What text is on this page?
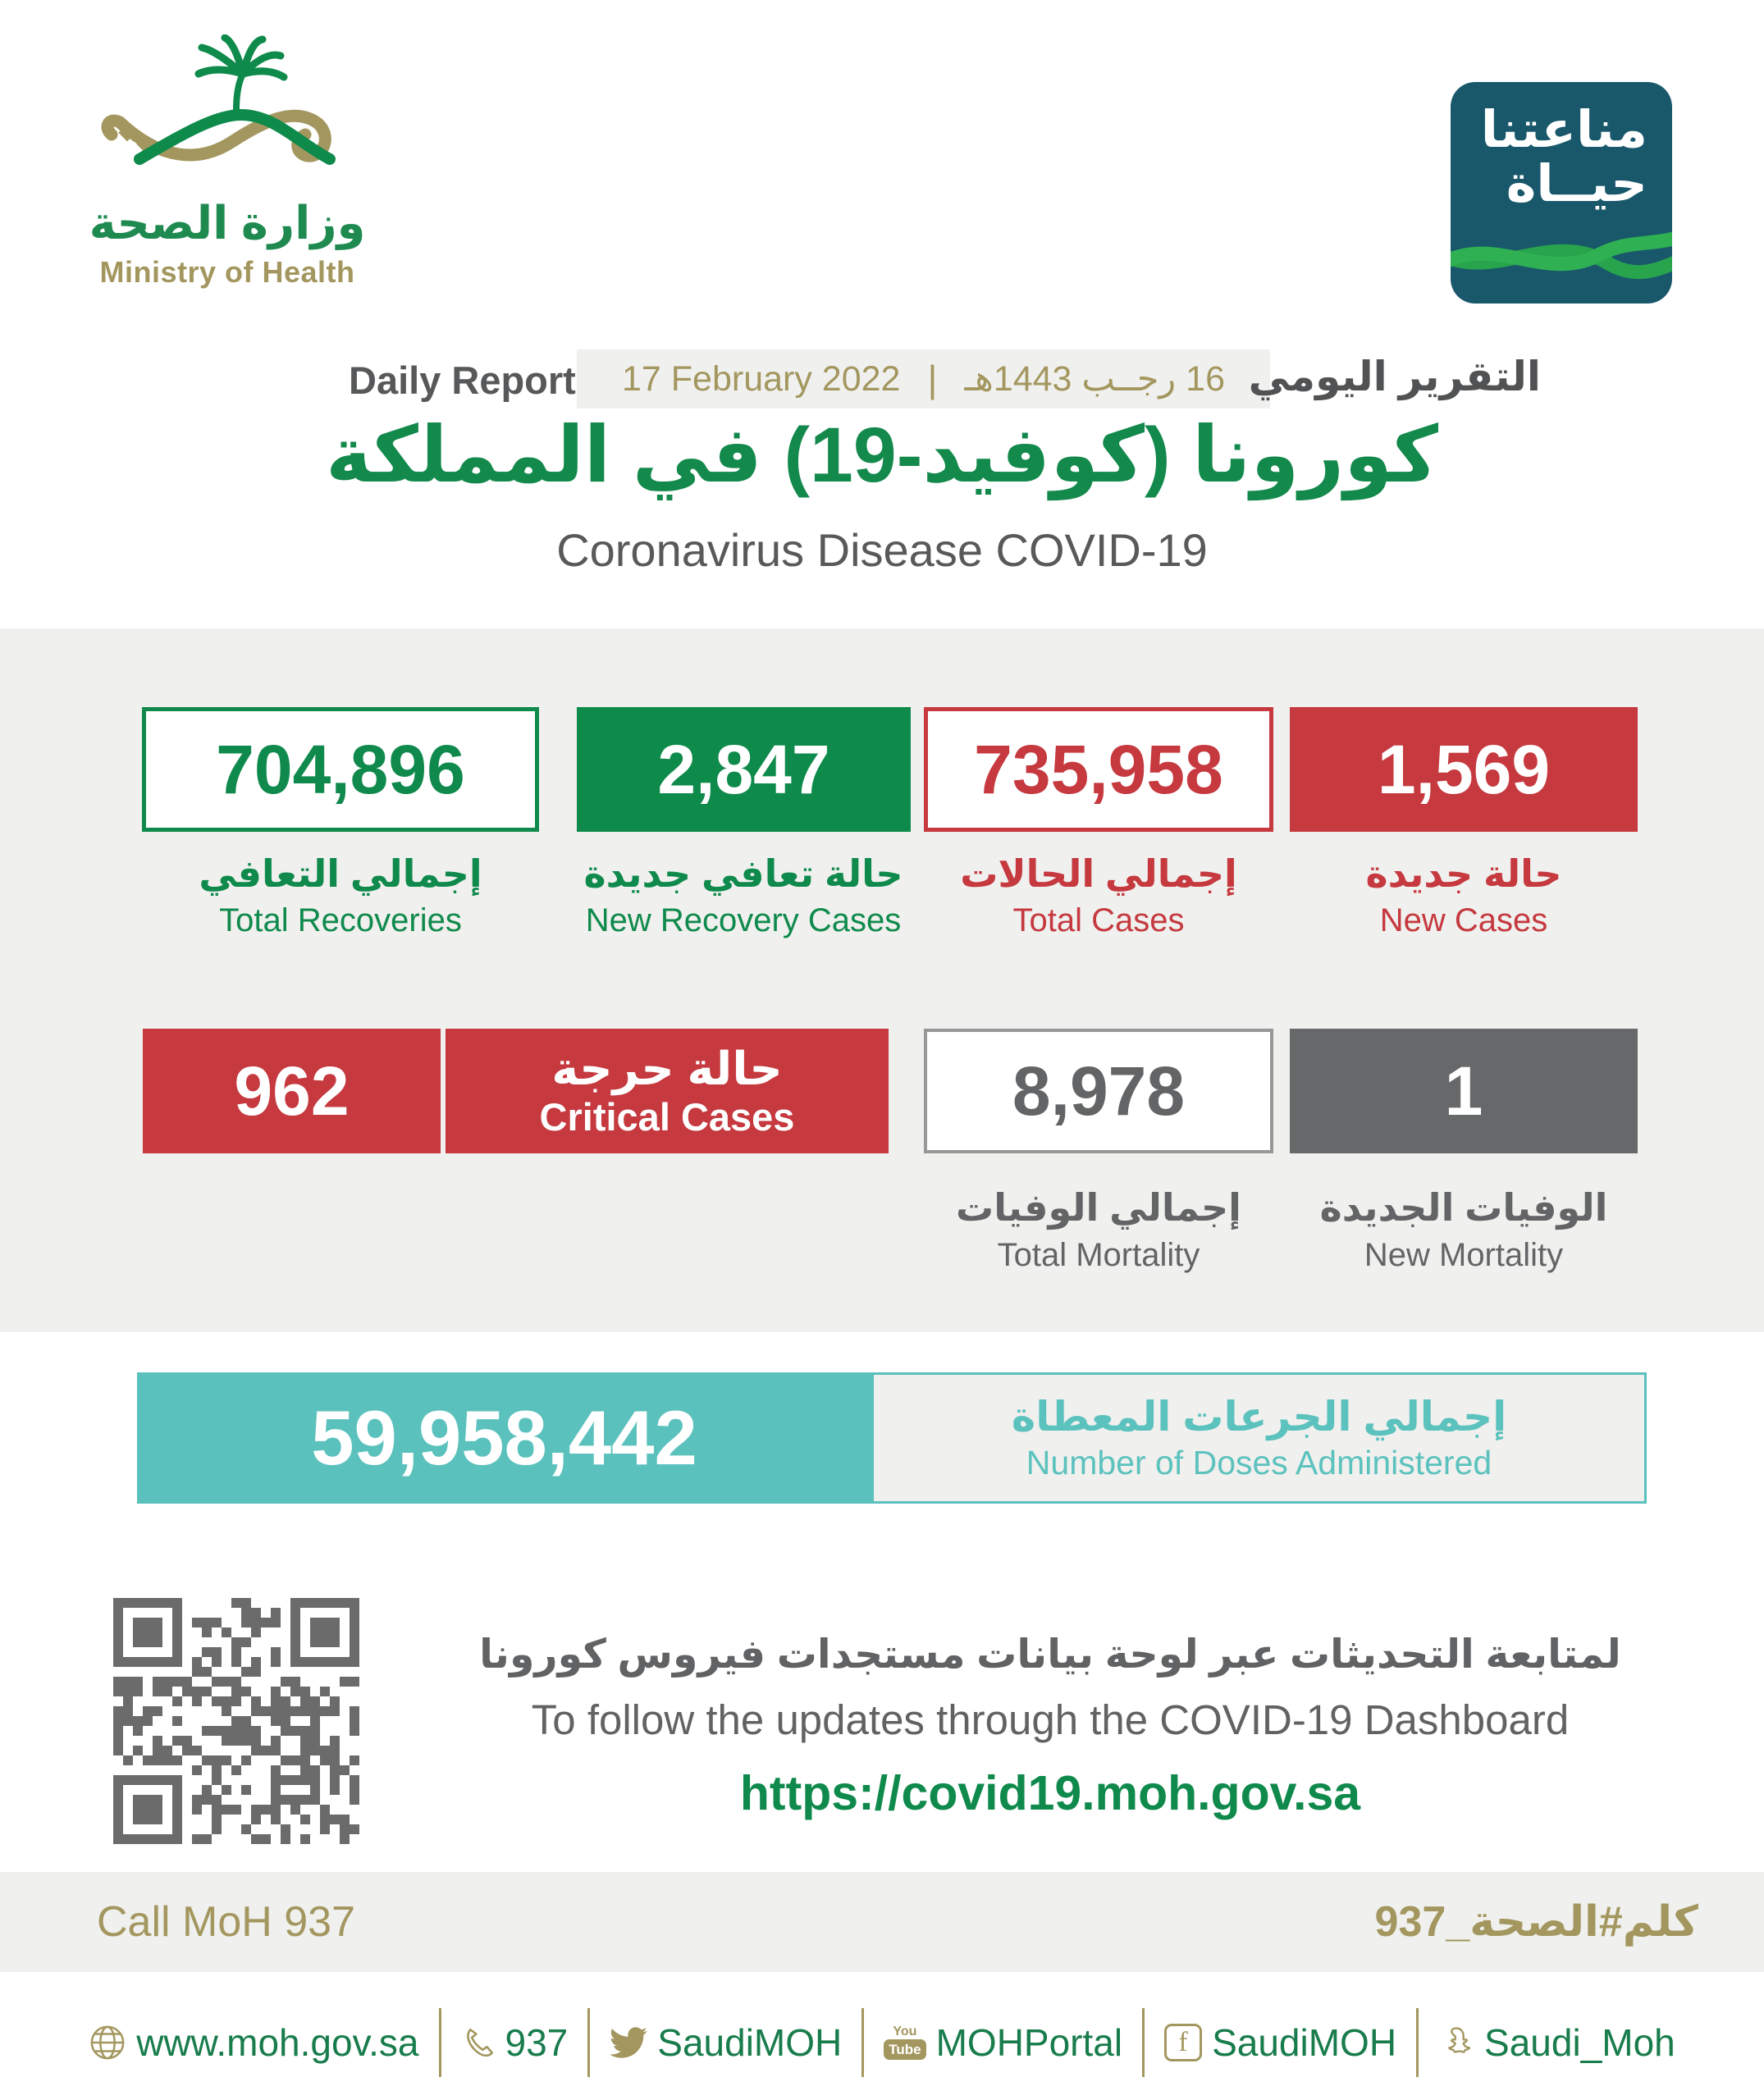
وزارة الصحة
Ministry of Health
مناعتنا
حيــاة
Daily Report 17 February 2022 | 16 رجــب 1443هـ التقرير اليومي
كورونا (كوفيد-19) في المملكة
Coronavirus Disease COVID-19
704,896	2,847	735,958	1,569
إجمالي التعافي
Total Recoveries
حالة تعافي جديدة
New Recovery Cases
إجمالي الحالات
Total Cases
حالة جديدة
New Cases
962	حالة حرجة
Critical Cases	8,978	1
إجمالي الوفيات
Total Mortality
الوفيات الجديدة
New Mortality
59,958,442	إجمالي الجرعات المعطاة
Number of Doses Administered
لمتابعة التحديثات عبر لوحة بيانات مستجدات فيروس كورونا
To follow the updates through the COVID-19 Dashboard
https://covid19.moh.gov.sa
Call MoH 937	كلم#الصحة_937
www.moh.gov.sa 937 SaudiMOH	You
Tube MOHPortal	f SaudiMOH Saudi_Moh
